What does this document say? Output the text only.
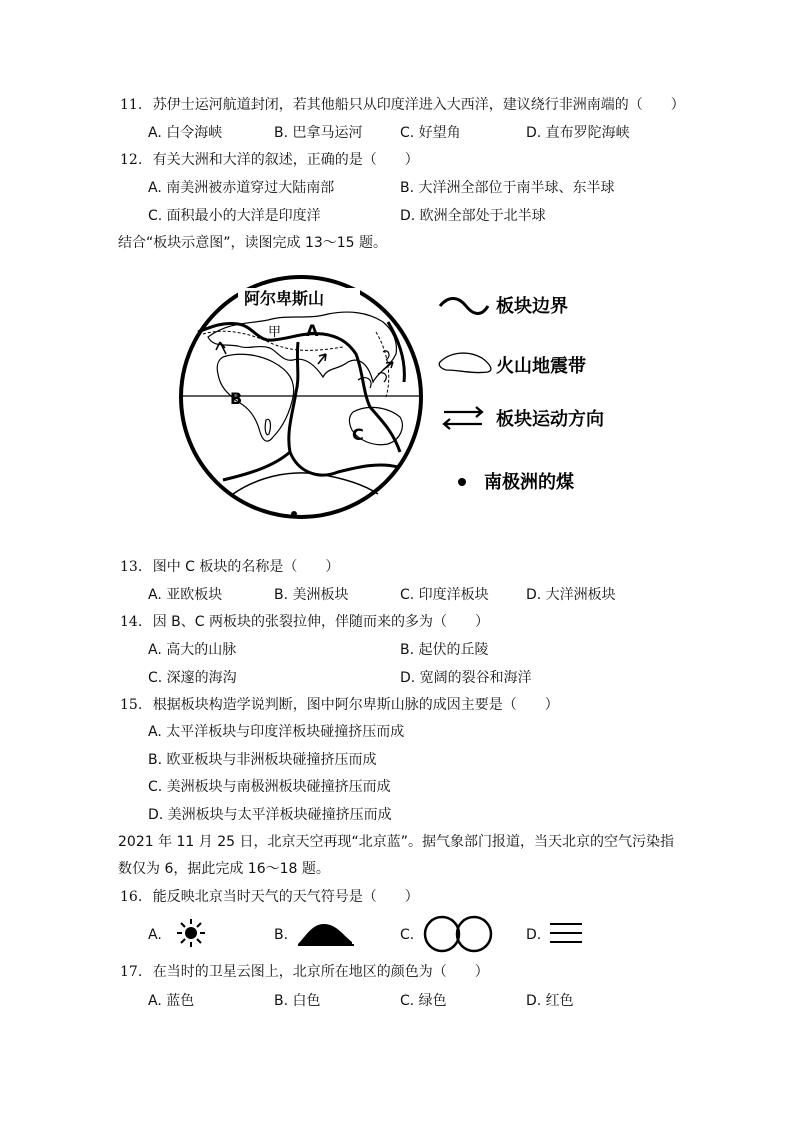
11. 苏伊士运河航道封闭，若其他船只从印度洋进入大西洋，建议绕行非洲南端的（　　）
A. 白令海峡	B. 巴拿马运河	C. 好望角	D. 直布罗陀海峡
12. 有关大洲和大洋的叙述，正确的是（　　）
A. 南美洲被赤道穿过大陆南部	B. 大洋洲全部位于南半球、东半球
C. 面积最小的大洋是印度洋	D. 欧洲全部处于北半球
结合“板块示意图”，读图完成 13～15 题。
阿尔卑斯山
甲 A
B
C
板块边界
火山地震带
板块运动方向
南极洲的煤
13. 图中 C 板块的名称是（　　）
A. 亚欧板块	B. 美洲板块	C. 印度洋板块	D. 大洋洲板块
14. 因 B、C 两板块的张裂拉伸，伴随而来的多为（　　）
A. 高大的山脉	B. 起伏的丘陵
C. 深邃的海沟	D. 宽阔的裂谷和海洋
15. 根据板块构造学说判断，图中阿尔卑斯山脉的成因主要是（　　）
A. 太平洋板块与印度洋板块碰撞挤压而成
B. 欧亚板块与非洲板块碰撞挤压而成
C. 美洲板块与南极洲板块碰撞挤压而成
D. 美洲板块与太平洋板块碰撞挤压而成
2021 年 11 月 25 日，北京天空再现“北京蓝”。据气象部门报道，当天北京的空气污染指
数仅为 6，据此完成 16～18 题。
16. 能反映北京当时天气的天气符号是（　　）
A.	B.	C.	D.
17. 在当时的卫星云图上，北京所在地区的颜色为（　　）
A. 蓝色	B. 白色	C. 绿色	D. 红色
